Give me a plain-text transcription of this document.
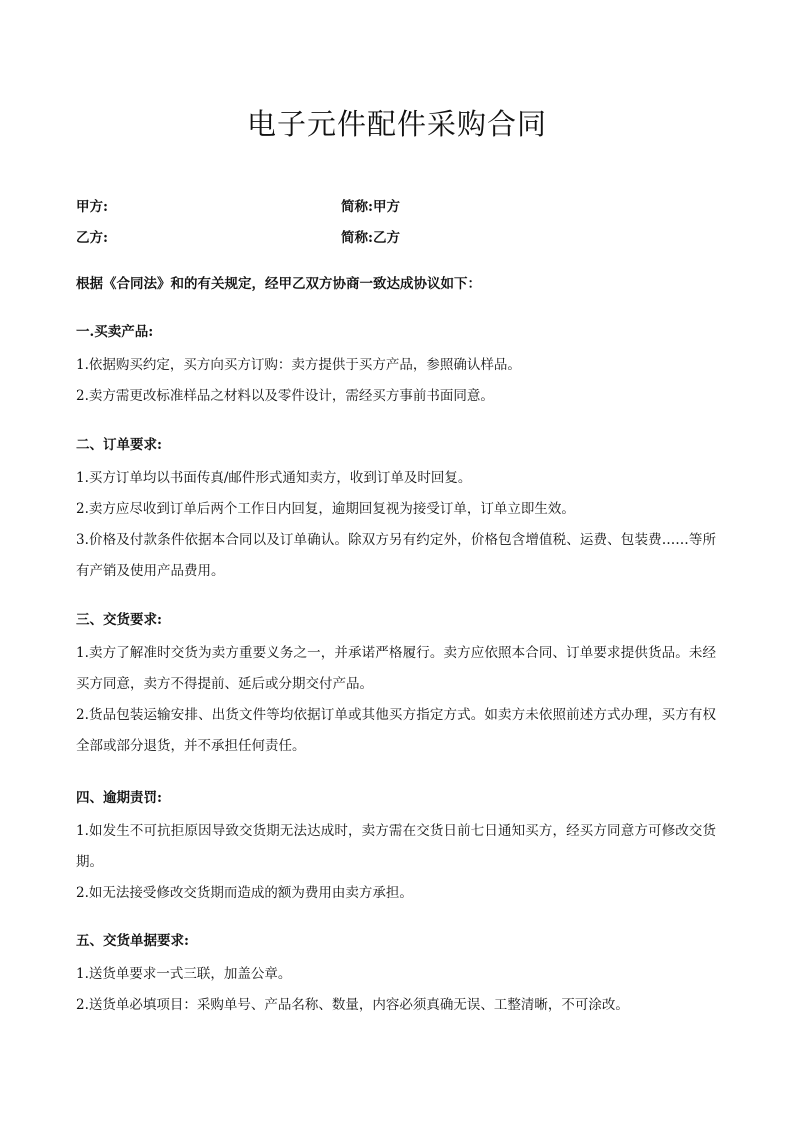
电子元件配件采购合同
甲方:	简称:甲方
乙方:	简称:乙方
根据《合同法》和的有关规定，经甲乙双方协商一致达成协议如下：

一.买卖产品:

1.依据购买约定，买方向买方订购：卖方提供于买方产品，参照确认样品。

2.卖方需更改标准样品之材料以及零件设计，需经买方事前书面同意。

二、订单要求:

1.买方订单均以书面传真/邮件形式通知卖方，收到订单及时回复。

2.卖方应尽收到订单后两个工作日内回复，逾期回复视为接受订单，订单立即生效。

3.价格及付款条件依据本合同以及订单确认。除双方另有约定外，价格包含增值税、运费、包装费……等所有产销及使用产品费用。

三、交货要求:

1.卖方了解准时交货为卖方重要义务之一，并承诺严格履行。卖方应依照本合同、订单要求提供货品。未经买方同意，卖方不得提前、延后或分期交付产品。

2.货品包装运输安排、出货文件等均依据订单或其他买方指定方式。如卖方未依照前述方式办理，买方有权全部或部分退货，并不承担任何责任。

四、逾期责罚:

1.如发生不可抗拒原因导致交货期无法达成时，卖方需在交货日前七日通知买方，经买方同意方可修改交货期。

2.如无法接受修改交货期而造成的额为费用由卖方承担。

五、交货单据要求:

1.送货单要求一式三联，加盖公章。

2.送货单必填项目：采购单号、产品名称、数量，内容必须真确无误、工整清晰，不可涂改。
